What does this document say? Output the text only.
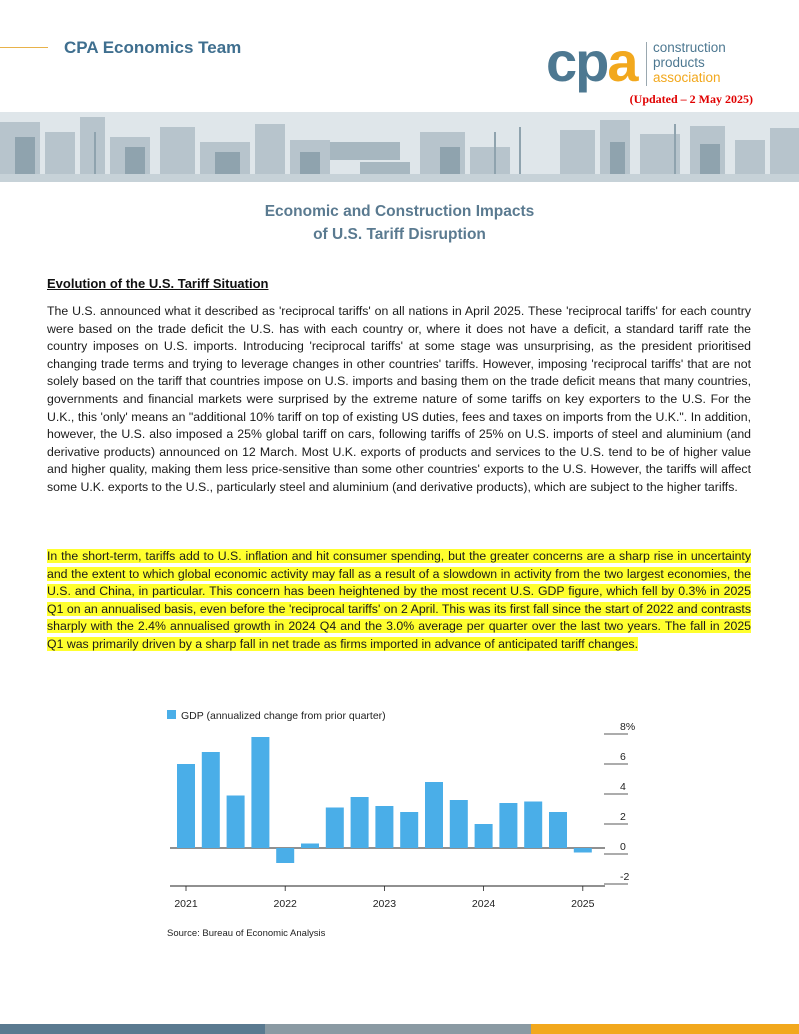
CPA Economics Team	cpa construction
products
association
(Updated – 2 May 2025)
Economic and Construction Impacts
of U.S. Tariff Disruption
Evolution of the U.S. Tariff Situation
The U.S. announced what it described as 'reciprocal tariffs' on all nations in April 2025. These 'reciprocal tariffs' for each country were based on the trade deficit the U.S. has with each country or, where it does not have a deficit, a standard tariff rate the country imposes on U.S. imports. Introducing 'reciprocal tariffs' at some stage was unsurprising, as the president prioritised changing trade terms and trying to leverage changes in other countries' tariffs. However, imposing 'reciprocal tariffs' that are not solely based on the tariff that countries impose on U.S. imports and basing them on the trade deficit means that many countries, governments and financial markets were surprised by the extreme nature of some tariffs on key exporters to the U.S. For the U.K., this 'only' means an "additional 10% tariff on top of existing US duties, fees and taxes on imports from the U.K.". In addition, however, the U.S. also imposed a 25% global tariff on cars, following tariffs of 25% on U.S. imports of steel and aluminium (and derivative products) announced on 12 March. Most U.K. exports of products and services to the U.S. tend to be of higher value and higher quality, making them less price-sensitive than some other countries' exports to the U.S. However, the tariffs will affect some U.K. exports to the U.S., particularly steel and aluminium (and derivative products), which are subject to the higher tariffs.
In the short-term, tariffs add to U.S. inflation and hit consumer spending, but the greater concerns are a sharp rise in uncertainty and the extent to which global economic activity may fall as a result of a slowdown in activity from the two largest economies, the U.S. and China, in particular. This concern has been heightened by the most recent U.S. GDP figure, which fell by 0.3% in 2025 Q1 on an annualised basis, even before the 'reciprocal tariffs' on 2 April. This was its first fall since the start of 2022 and contrasts sharply with the 2.4% annualised growth in 2024 Q4 and the 3.0% average per quarter over the last two years. The fall in 2025 Q1 was primarily driven by a sharp fall in net trade as firms imported in advance of anticipated tariff changes.
GDP (annualized change from prior quarter)
8%
6
4
2
0
-2
2021	2022	2023	2024	2025
Source: Bureau of Economic Analysis
